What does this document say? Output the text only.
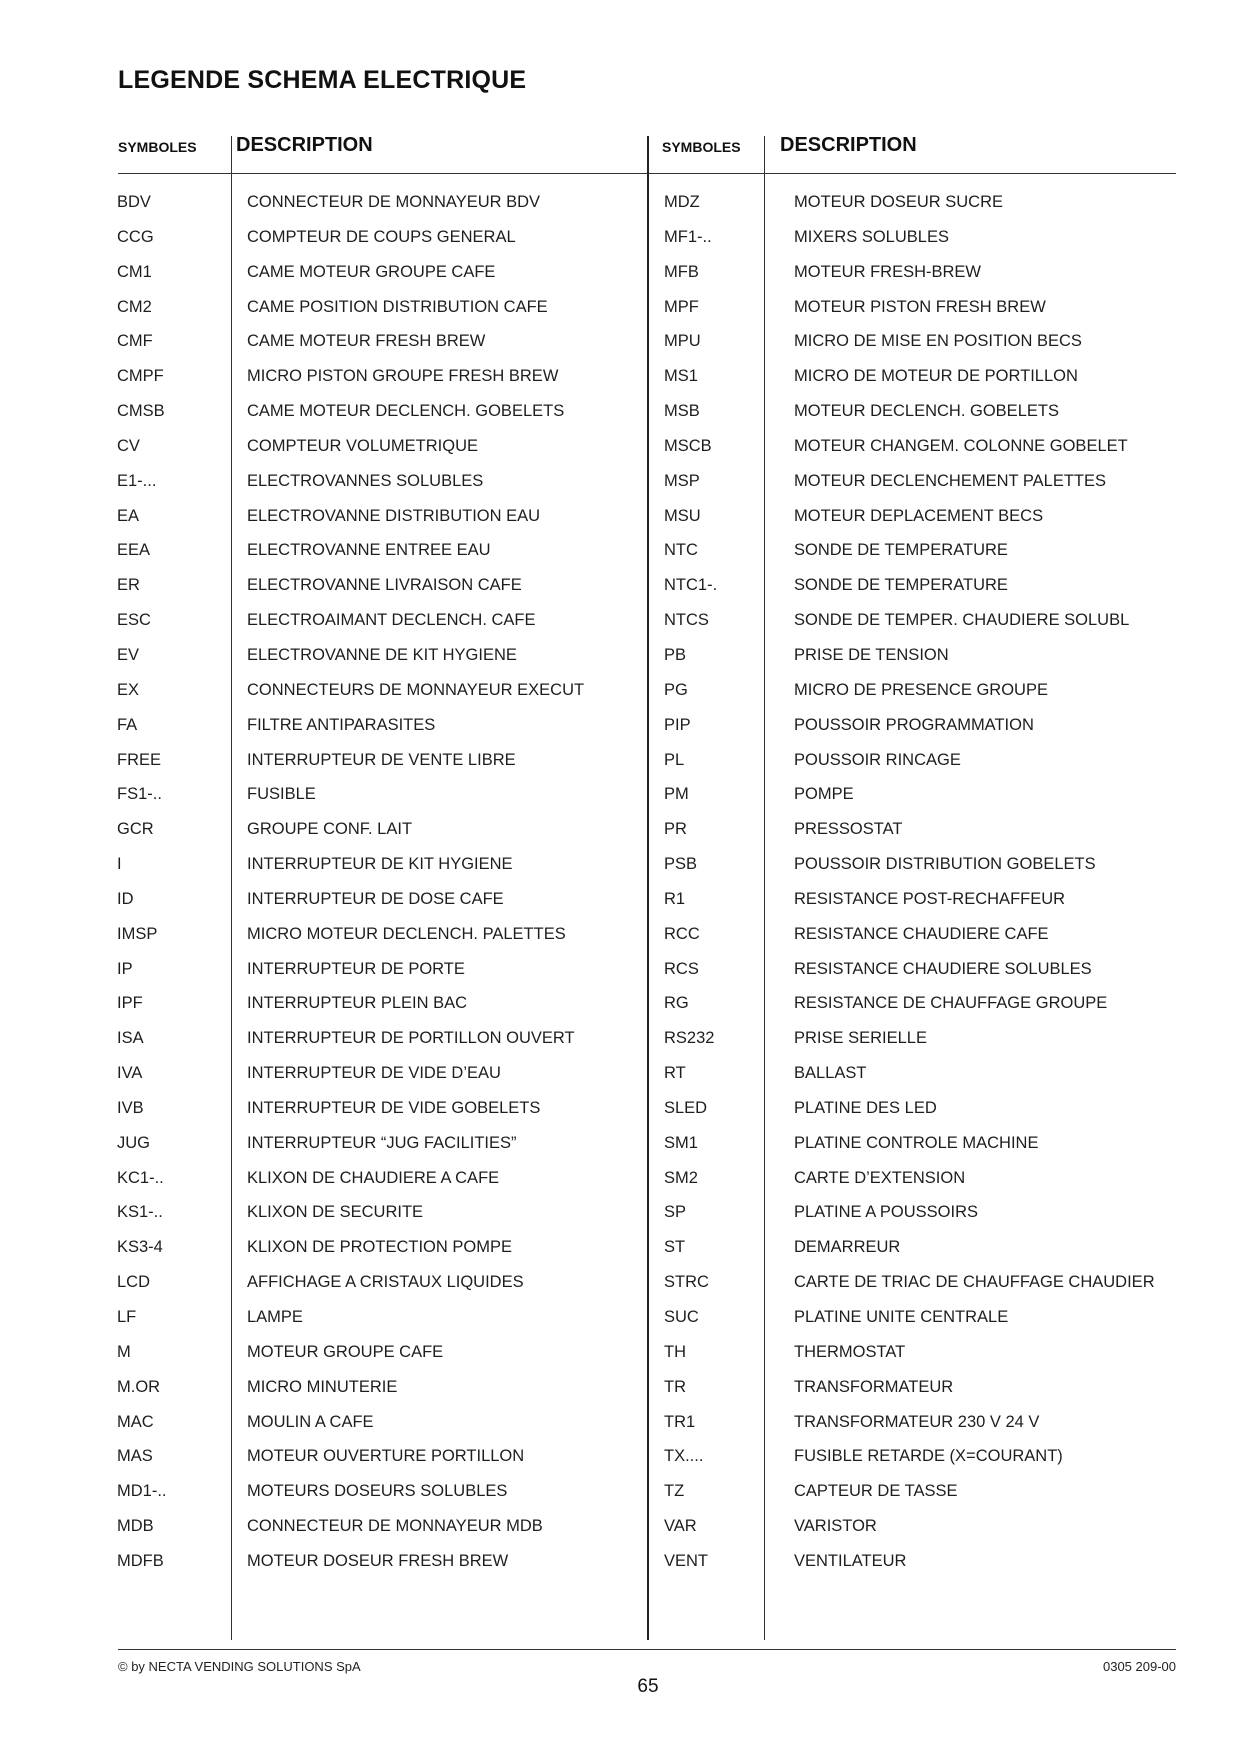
LEGENDE SCHEMA ELECTRIQUE
SYMBOLES DESCRIPTION	SYMBOLES DESCRIPTION
BDV	CONNECTEUR DE MONNAYEUR BDV
CCG	COMPTEUR DE COUPS GENERAL
CM1	CAME MOTEUR GROUPE CAFE
CM2	CAME POSITION DISTRIBUTION CAFE
CMF	CAME MOTEUR FRESH BREW
CMPF	MICRO PISTON GROUPE FRESH BREW
CMSB	CAME MOTEUR DECLENCH. GOBELETS
CV	COMPTEUR VOLUMETRIQUE
E1-...	ELECTROVANNES SOLUBLES
EA	ELECTROVANNE DISTRIBUTION EAU
EEA	ELECTROVANNE ENTREE EAU
ER	ELECTROVANNE LIVRAISON CAFE
ESC	ELECTROAIMANT DECLENCH. CAFE
EV	ELECTROVANNE DE KIT HYGIENE
EX	CONNECTEURS DE MONNAYEUR EXECUT
FA	FILTRE ANTIPARASITES
FREE	INTERRUPTEUR DE VENTE LIBRE
FS1-..	FUSIBLE
GCR	GROUPE CONF. LAIT
I	INTERRUPTEUR DE KIT HYGIENE
ID	INTERRUPTEUR DE DOSE CAFE
IMSP	MICRO MOTEUR DECLENCH. PALETTES
IP	INTERRUPTEUR DE PORTE
IPF	INTERRUPTEUR PLEIN BAC
ISA	INTERRUPTEUR DE PORTILLON OUVERT
IVA	INTERRUPTEUR DE VIDE D’EAU
IVB	INTERRUPTEUR DE VIDE GOBELETS
JUG	INTERRUPTEUR “JUG FACILITIES”
KC1-..	KLIXON DE CHAUDIERE A CAFE
KS1-..	KLIXON DE SECURITE
KS3-4	KLIXON DE PROTECTION POMPE
LCD	AFFICHAGE A CRISTAUX LIQUIDES
LF	LAMPE
M	MOTEUR GROUPE CAFE
M.OR	MICRO MINUTERIE
MAC	MOULIN A CAFE
MAS	MOTEUR OUVERTURE PORTILLON
MD1-..	MOTEURS DOSEURS SOLUBLES
MDB	CONNECTEUR DE MONNAYEUR MDB
MDFB	MOTEUR DOSEUR FRESH BREW
MDZ	MOTEUR DOSEUR SUCRE
MF1-..	MIXERS SOLUBLES
MFB	MOTEUR FRESH-BREW
MPF	MOTEUR PISTON FRESH BREW
MPU	MICRO DE MISE EN POSITION BECS
MS1	MICRO DE MOTEUR DE PORTILLON
MSB	MOTEUR DECLENCH. GOBELETS
MSCB	MOTEUR CHANGEM. COLONNE GOBELET
MSP	MOTEUR DECLENCHEMENT PALETTES
MSU	MOTEUR DEPLACEMENT BECS
NTC	SONDE DE TEMPERATURE
NTC1-.	SONDE DE TEMPERATURE
NTCS	SONDE DE TEMPER. CHAUDIERE SOLUBL
PB	PRISE DE TENSION
PG	MICRO DE PRESENCE GROUPE
PIP	POUSSOIR PROGRAMMATION
PL	POUSSOIR RINCAGE
PM	POMPE
PR	PRESSOSTAT
PSB	POUSSOIR DISTRIBUTION GOBELETS
R1	RESISTANCE POST-RECHAFFEUR
RCC	RESISTANCE CHAUDIERE CAFE
RCS	RESISTANCE CHAUDIERE SOLUBLES
RG	RESISTANCE DE CHAUFFAGE GROUPE
RS232	PRISE SERIELLE
RT	BALLAST
SLED	PLATINE DES LED
SM1	PLATINE CONTROLE MACHINE
SM2	CARTE D’EXTENSION
SP	PLATINE A POUSSOIRS
ST	DEMARREUR
STRC	CARTE DE TRIAC DE CHAUFFAGE CHAUDIER
SUC	PLATINE UNITE CENTRALE
TH	THERMOSTAT
TR	TRANSFORMATEUR
TR1	TRANSFORMATEUR 230 V 24 V
TX....	FUSIBLE RETARDE (X=COURANT)
TZ	CAPTEUR DE TASSE
VAR	VARISTOR
VENT	VENTILATEUR
© by NECTA VENDING SOLUTIONS SpA	0305 209-00
65
